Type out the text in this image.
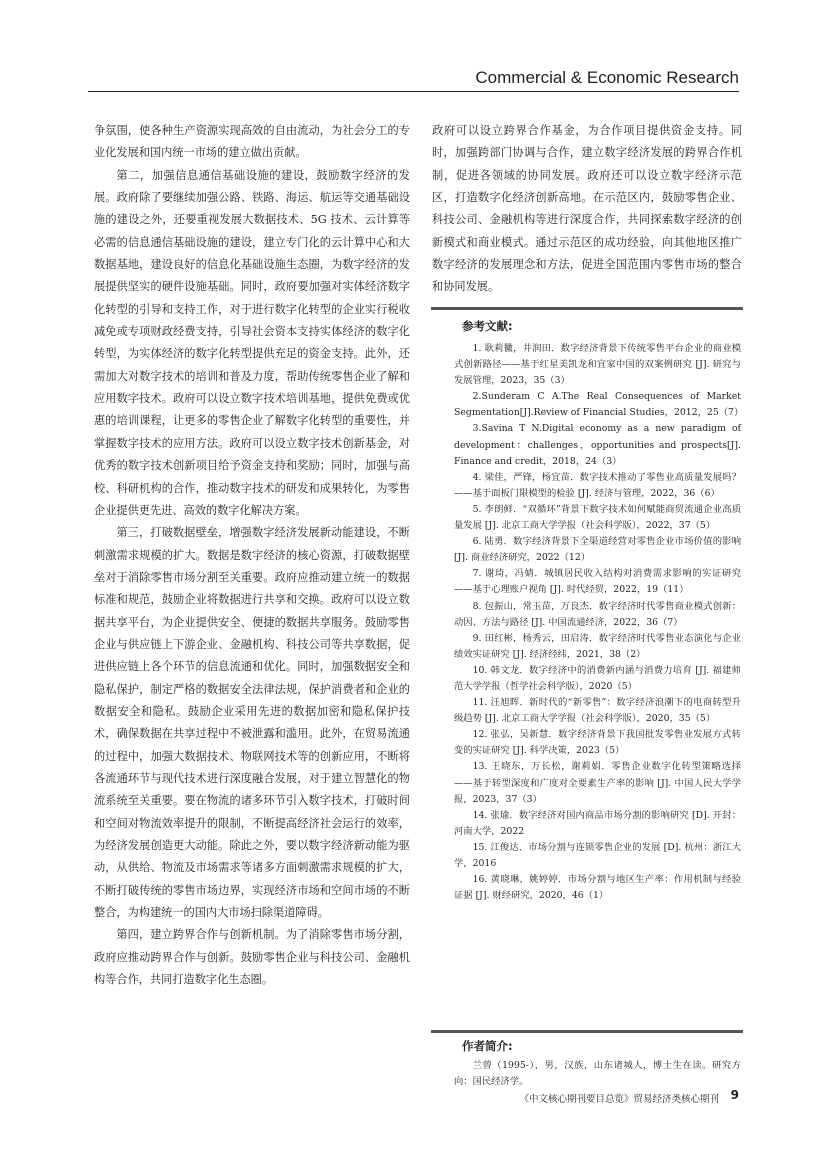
Commercial & Economic Research

争氛围，使各种生产资源实现高效的自由流动，为社会分工的专业化发展和国内统一市场的建立做出贡献。

第二，加强信息通信基础设施的建设，鼓励数字经济的发展。政府除了要继续加强公路、铁路、海运、航运等交通基础设施的建设之外，还要重视发展大数据技术、5G 技术、云计算等必需的信息通信基础设施的建设，建立专门化的云计算中心和大数据基地，建设良好的信息化基础设施生态圈，为数字经济的发展提供坚实的硬件设施基础。同时，政府要加强对实体经济数字化转型的引导和支持工作，对于进行数字化转型的企业实行税收减免或专项财政经费支持，引导社会资本支持实体经济的数字化转型，为实体经济的数字化转型提供充足的资金支持。此外，还需加大对数字技术的培训和普及力度，帮助传统零售企业了解和应用数字技术。政府可以设立数字技术培训基地，提供免费或优惠的培训课程，让更多的零售企业了解数字化转型的重要性，并掌握数字技术的应用方法。政府可以设立数字技术创新基金，对优秀的数字技术创新项目给予资金支持和奖励；同时，加强与高校、科研机构的合作，推动数字技术的研发和成果转化，为零售企业提供更先进、高效的数字化解决方案。

第三，打破数据壁垒，增强数字经济发展新动能建设，不断刺激需求规模的扩大。数据是数字经济的核心资源，打破数据壁垒对于消除零售市场分割至关重要。政府应推动建立统一的数据标准和规范，鼓励企业将数据进行共享和交换。政府可以设立数据共享平台，为企业提供安全、便捷的数据共享服务。鼓励零售企业与供应链上下游企业、金融机构、科技公司等共享数据，促进供应链上各个环节的信息流通和优化。同时，加强数据安全和隐私保护，制定严格的数据安全法律法规，保护消费者和企业的数据安全和隐私。鼓励企业采用先进的数据加密和隐私保护技术，确保数据在共享过程中不被泄露和滥用。此外，在贸易流通的过程中，加强大数据技术、物联网技术等的创新应用，不断将各流通环节与现代技术进行深度融合发展，对于建立智慧化的物流系统至关重要。要在物流的诸多环节引入数字技术，打破时间和空间对物流效率提升的限制，不断提高经济社会运行的效率，为经济发展创造更大动能。除此之外，要以数字经济新动能为驱动，从供给、物流及市场需求等诸多方面刺激需求规模的扩大，不断打破传统的零售市场边界，实现经济市场和空间市场的不断整合，为构建统一的国内大市场扫除渠道障碍。

第四，建立跨界合作与创新机制。为了消除零售市场分割，政府应推动跨界合作与创新。鼓励零售企业与科技公司、金融机构等合作，共同打造数字化生态圈。

政府可以设立跨界合作基金，为合作项目提供资金支持。同时，加强跨部门协调与合作，建立数字经济发展的跨界合作机制，促进各领域的协同发展。政府还可以设立数字经济示范区，打造数字化经济创新高地。在示范区内，鼓励零售企业、科技公司、金融机构等进行深度合作，共同探索数字经济的创新模式和商业模式。通过示范区的成功经验，向其他地区推广数字经济的发展理念和方法，促进全国范围内零售市场的整合和协同发展。

参考文献:

1. 耿莉黴，井润田．数字经济背景下传统零售平台企业的商业模式创新路径——基于红星美凯龙和宜家中国的双案例研究 [J]. 研究与发展管理，2023，35（3）

2.Sunderam C A.The Real Consequences of Market Segmentation[J].Review of Financial Studies，2012，25（7）

3.Savina T N.Digital economy as a new paradigm of development：challenges，opportunities and prospects[J]. Finance and credit，2018，24（3）

4. 梁佳，严锋，杨宜苗．数字技术推动了零售业高质量发展吗？——基于面板门限模型的检验 [J]. 经济与管理，2022，36（6）

5. 李朗鲜．“双循环”背景下数字技术如何赋能商贸流通企业高质量发展 [J]. 北京工商大学学报（社会科学版），2022，37（5）

6. 陆勇．数字经济背景下全渠道经营对零售企业市场价值的影响 [J]. 商业经济研究，2022（12）

7. 谢琦，冯婧．城镇居民收入结构对消费需求影响的实证研究——基于心理账户视角 [J]. 时代经贸，2022，19（11）

8. 包振山，常玉苗，万良杰．数字经济时代零售商业模式创新：动因、方法与路径 [J]. 中国流通经济，2022，36（7）

9. 田红彬，杨秀云，田启涛．数字经济时代零售业态演化与企业绩效实证研究 [J]. 经济经纬，2021，38（2）

10. 韩文龙．数字经济中的消费新内涵与消费力培育 [J]. 福建师范大学学报（哲学社会科学版），2020（5）

11. 汪旭晖．新时代的“新零售”：数字经济浪潮下的电商转型升级趋势 [J]. 北京工商大学学报（社会科学版），2020，35（5）

12. 张弘，吴新慧．数字经济背景下我国批发零售业发展方式转变的实证研究 [J]. 科学决策，2023（5）

13. 王晓东，万长松，谢莉娟．零售企业数字化转型策略选择——基于转型深度和广度对全要素生产率的影响 [J]. 中国人民大学学报，2023，37（3）

14. 张瑜．数字经济对国内商品市场分割的影响研究 [D]. 开封：河南大学，2022

15. 江俊达．市场分割与连锁零售企业的发展 [D]. 杭州：浙江大学，2016

16. 黄晓琳，姚婷婷．市场分割与地区生产率：作用机制与经验证据 [J]. 财经研究，2020，46（1）

作者简介:

兰曾（1995-），男，汉族，山东诸城人，博士生在读。研究方向：国民经济学。

《中文核心期刊要目总览》贸易经济类核心期刊 9
